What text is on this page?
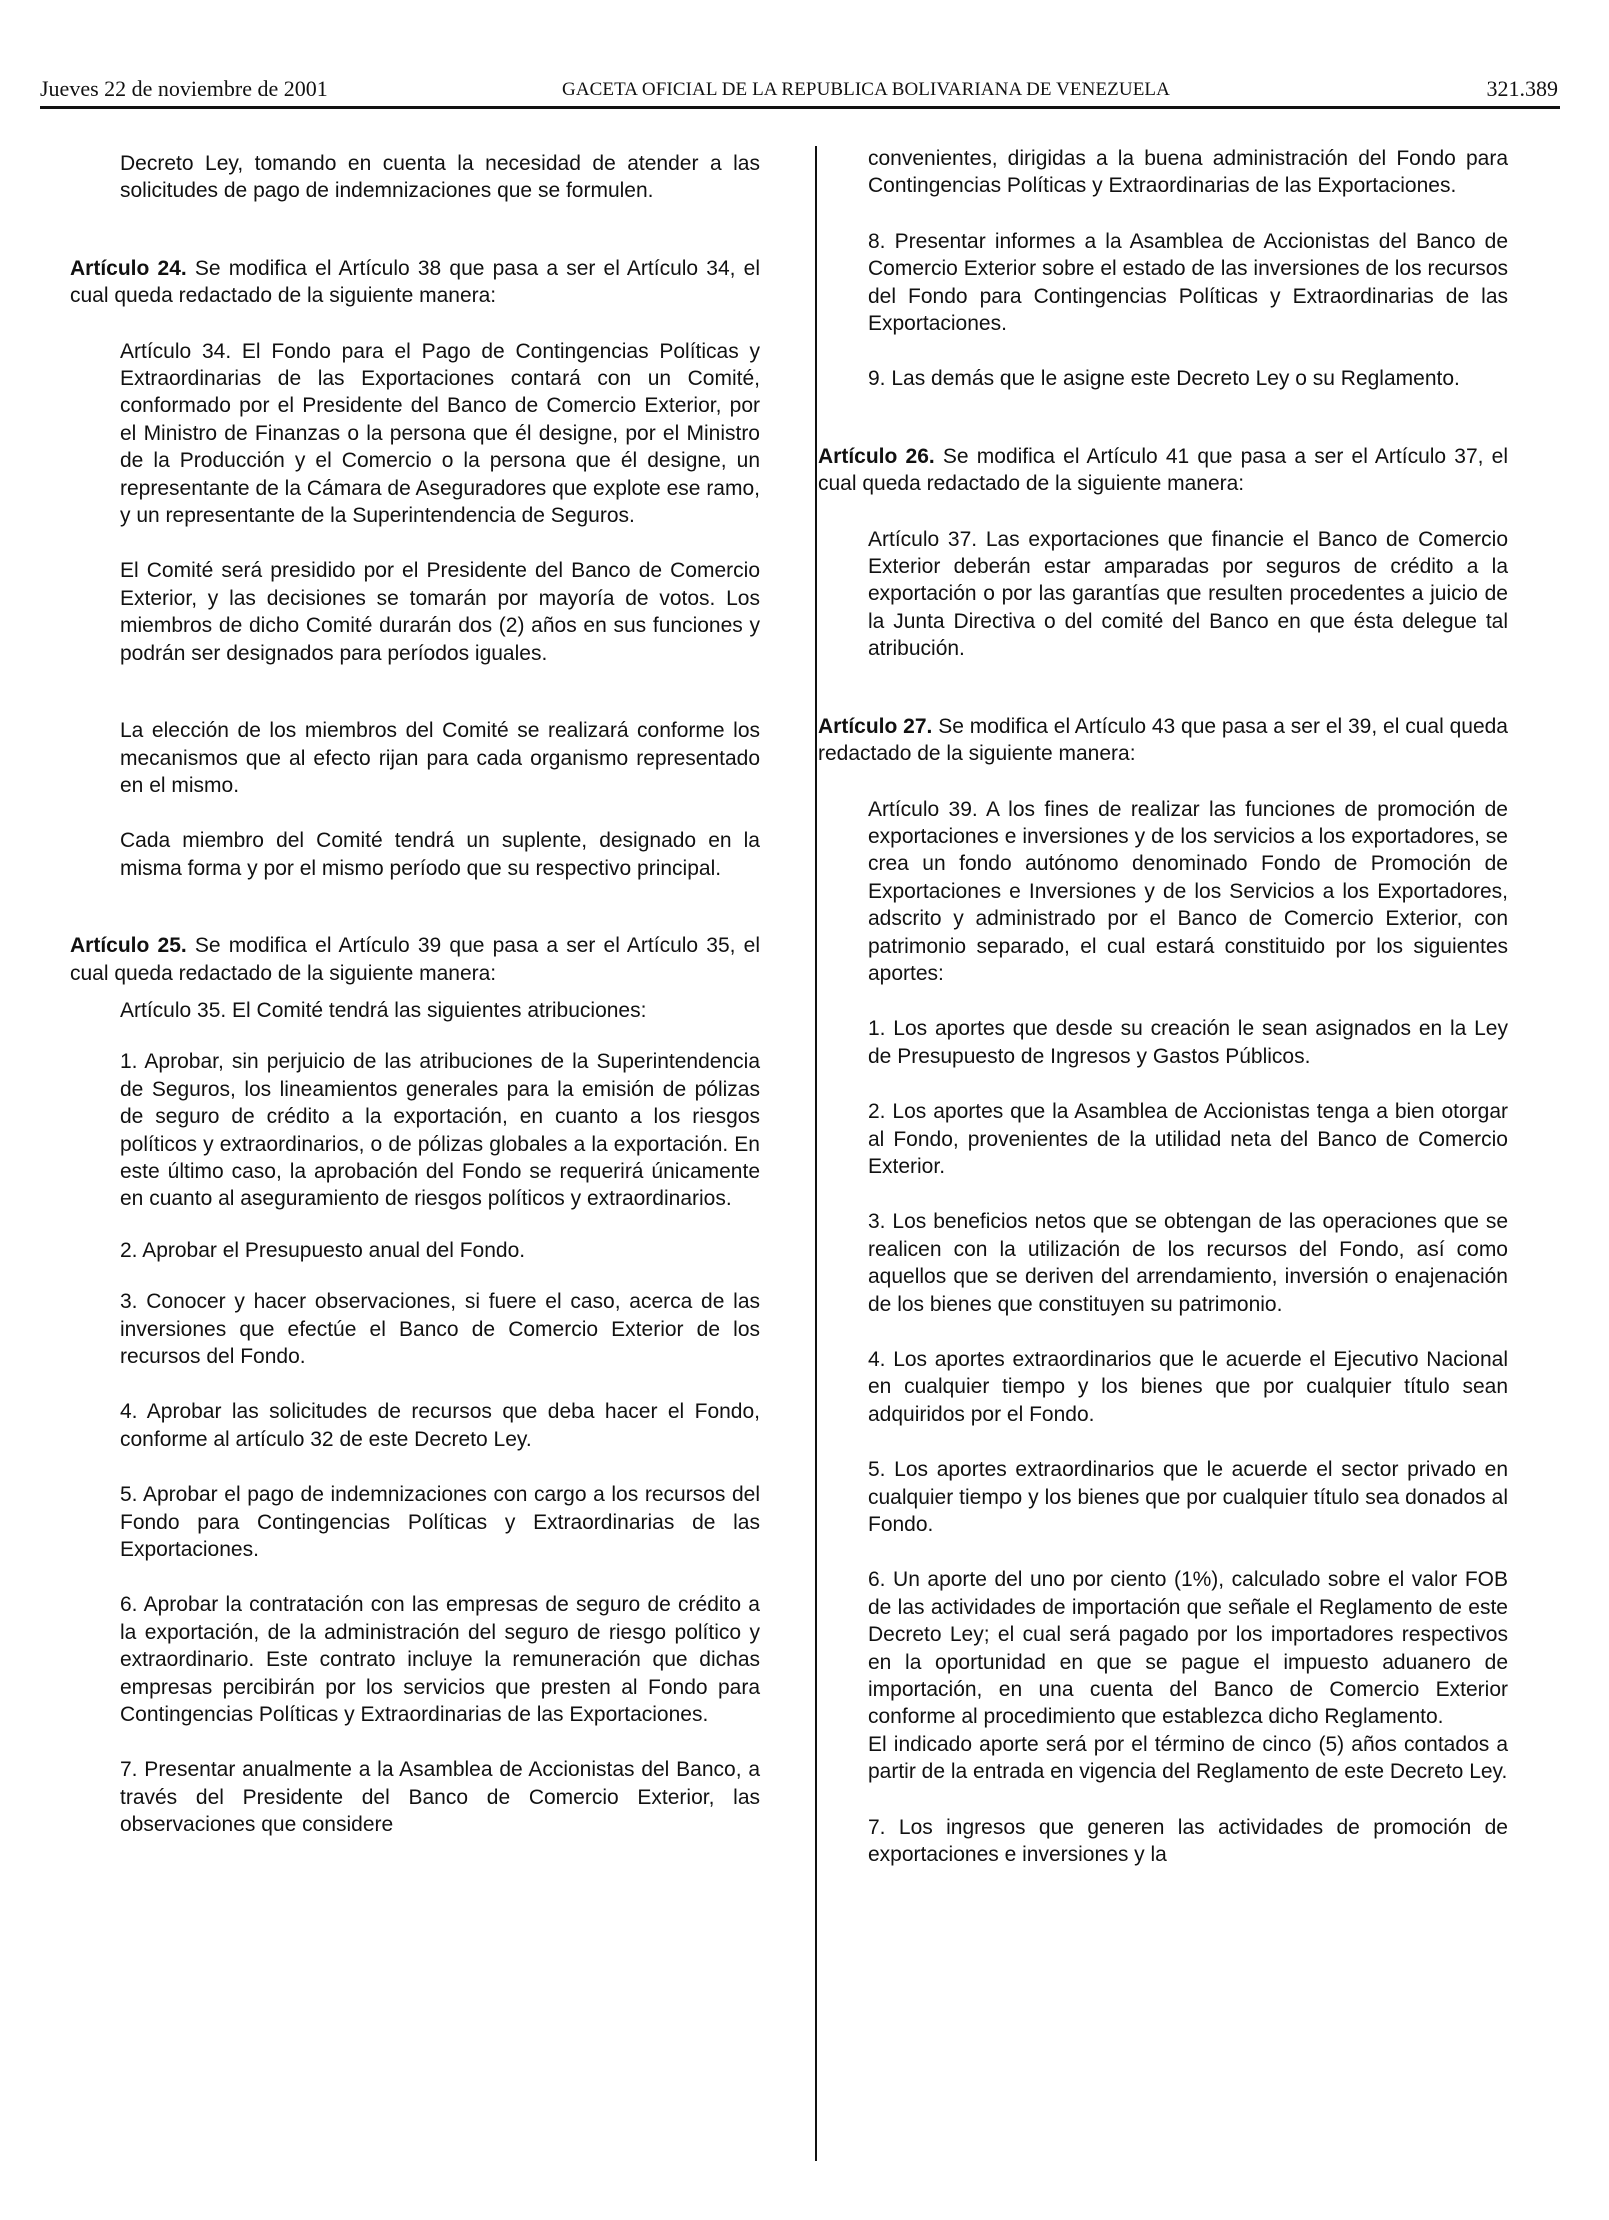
Jueves 22 de noviembre de 2001	GACETA OFICIAL DE LA REPUBLICA BOLIVARIANA DE VENEZUELA	321.389

Decreto Ley, tomando en cuenta la necesidad de atender a las solicitudes de pago de indemnizaciones que se formulen.

Artículo 24. Se modifica el Artículo 38 que pasa a ser el Artículo 34, el cual queda redactado de la siguiente manera:

Artículo 34. El Fondo para el Pago de Contingencias Políticas y Extraordinarias de las Exportaciones contará con un Comité, conformado por el Presidente del Banco de Comercio Exterior, por el Ministro de Finanzas o la persona que él designe, por el Ministro de la Producción y el Comercio o la persona que él designe, un representante de la Cámara de Aseguradores que explote ese ramo, y un representante de la Superintendencia de Seguros.

El Comité será presidido por el Presidente del Banco de Comercio Exterior, y las decisiones se tomarán por mayoría de votos. Los miembros de dicho Comité durarán dos (2) años en sus funciones y podrán ser designados para períodos iguales.

La elección de los miembros del Comité se realizará conforme los mecanismos que al efecto rijan para cada organismo representado en el mismo.

Cada miembro del Comité tendrá un suplente, designado en la misma forma y por el mismo período que su respectivo principal.

Artículo 25. Se modifica el Artículo 39 que pasa a ser el Artículo 35, el cual queda redactado de la siguiente manera:

Artículo 35. El Comité tendrá las siguientes atribuciones:

1. Aprobar, sin perjuicio de las atribuciones de la Superintendencia de Seguros, los lineamientos generales para la emisión de pólizas de seguro de crédito a la exportación, en cuanto a los riesgos políticos y extraordinarios, o de pólizas globales a la exportación. En este último caso, la aprobación del Fondo se requerirá únicamente en cuanto al aseguramiento de riesgos políticos y extraordinarios.

2. Aprobar el Presupuesto anual del Fondo.

3. Conocer y hacer observaciones, si fuere el caso, acerca de las inversiones que efectúe el Banco de Comercio Exterior de los recursos del Fondo.

4. Aprobar las solicitudes de recursos que deba hacer el Fondo, conforme al artículo 32 de este Decreto Ley.

5. Aprobar el pago de indemnizaciones con cargo a los recursos del Fondo para Contingencias Políticas y Extraordinarias de las Exportaciones.

6. Aprobar la contratación con las empresas de seguro de crédito a la exportación, de la administración del seguro de riesgo político y extraordinario. Este contrato incluye la remuneración que dichas empresas percibirán por los servicios que presten al Fondo para Contingencias Políticas y Extraordinarias de las Exportaciones.

7. Presentar anualmente a la Asamblea de Accionistas del Banco, a través del Presidente del Banco de Comercio Exterior, las observaciones que considere

convenientes, dirigidas a la buena administración del Fondo para Contingencias Políticas y Extraordinarias de las Exportaciones.

8. Presentar informes a la Asamblea de Accionistas del Banco de Comercio Exterior sobre el estado de las inversiones de los recursos del Fondo para Contingencias Políticas y Extraordinarias de las Exportaciones.

9. Las demás que le asigne este Decreto Ley o su Reglamento.

Artículo 26. Se modifica el Artículo 41 que pasa a ser el Artículo 37, el cual queda redactado de la siguiente manera:

Artículo 37. Las exportaciones que financie el Banco de Comercio Exterior deberán estar amparadas por seguros de crédito a la exportación o por las garantías que resulten procedentes a juicio de la Junta Directiva o del comité del Banco en que ésta delegue tal atribución.

Artículo 27. Se modifica el Artículo 43 que pasa a ser el 39, el cual queda redactado de la siguiente manera:

Artículo 39. A los fines de realizar las funciones de promoción de exportaciones e inversiones y de los servicios a los exportadores, se crea un fondo autónomo denominado Fondo de Promoción de Exportaciones e Inversiones y de los Servicios a los Exportadores, adscrito y administrado por el Banco de Comercio Exterior, con patrimonio separado, el cual estará constituido por los siguientes aportes:

1. Los aportes que desde su creación le sean asignados en la Ley de Presupuesto de Ingresos y Gastos Públicos.

2. Los aportes que la Asamblea de Accionistas tenga a bien otorgar al Fondo, provenientes de la utilidad neta del Banco de Comercio Exterior.

3. Los beneficios netos que se obtengan de las operaciones que se realicen con la utilización de los recursos del Fondo, así como aquellos que se deriven del arrendamiento, inversión o enajenación de los bienes que constituyen su patrimonio.

4. Los aportes extraordinarios que le acuerde el Ejecutivo Nacional en cualquier tiempo y los bienes que por cualquier título sean adquiridos por el Fondo.

5. Los aportes extraordinarios que le acuerde el sector privado en cualquier tiempo y los bienes que por cualquier título sea donados al Fondo.

6. Un aporte del uno por ciento (1%), calculado sobre el valor FOB de las actividades de importación que señale el Reglamento de este Decreto Ley; el cual será pagado por los importadores respectivos en la oportunidad en que se pague el impuesto aduanero de importación, en una cuenta del Banco de Comercio Exterior conforme al procedimiento que establezca dicho Reglamento.

El indicado aporte será por el término de cinco (5) años contados a partir de la entrada en vigencia del Reglamento de este Decreto Ley.

7. Los ingresos que generen las actividades de promoción de exportaciones e inversiones y la
